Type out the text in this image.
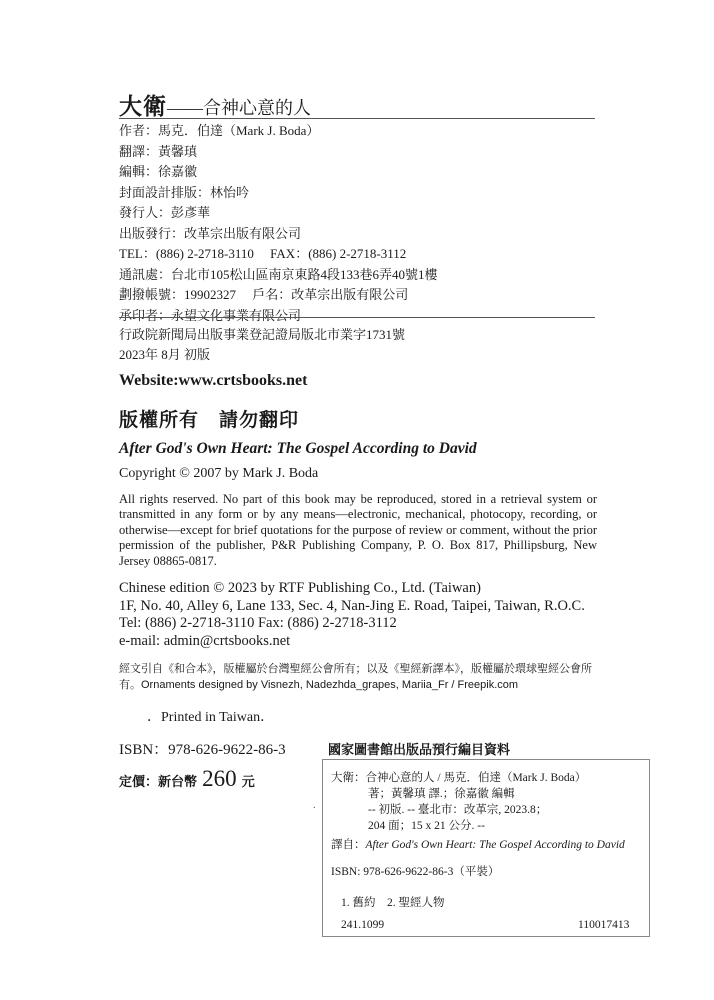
大衛——合神心意的人
作者：馬克．伯達（Mark J. Boda）
翻譯：黃馨瑱
編輯：徐嘉徽
封面設計排版：林怡吟
發行人：彭彥華
出版發行：改革宗出版有限公司
TEL：(886) 2-2718-3110　 FAX：(886) 2-2718-3112
通訊處：台北市105松山區南京東路4段133巷6弄40號1樓
劃撥帳號：19902327　 戶名：改革宗出版有限公司
承印者：永望文化事業有限公司
行政院新聞局出版事業登記證局版北市業字1731號
2023年 8月 初版
Website:www.crtsbooks.net
版權所有　請勿翻印
After God's Own Heart: The Gospel According to David
Copyright © 2007 by Mark J. Boda
All rights reserved. No part of this book may be reproduced, stored in a retrieval system or transmitted in any form or by any means—electronic, mechanical, photocopy, recording, or otherwise—except for brief quotations for the purpose of review or comment, without the prior permission of the publisher, P&R Publishing Company, P. O. Box 817, Phillipsburg, New Jersey 08865-0817.
Chinese edition © 2023 by RTF Publishing Co., Ltd. (Taiwan)
1F, No. 40, Alley 6, Lane 133, Sec. 4, Nan-Jing E. Road, Taipei, Taiwan, R.O.C.
Tel: (886) 2-2718-3110 Fax: (886) 2-2718-3112
e-mail: admin@crtsbooks.net
經文引自《和合本》，版權屬於台灣聖經公會所有；以及《聖經新譯本》，版權屬於環球聖經公會所有。Ornaments designed by Visnezh, Nadezhda_grapes, Mariia_Fr / Freepik.com
．Printed in Taiwan．
ISBN：978-626-9622-86-3	國家圖書館出版品預行編目資料
定價：新台幣 260 元
.
大衛：合神心意的人 / 馬克．伯達（Mark J. Boda）
著；黃馨瑱 譯.；徐嘉徽 編輯
-- 初版. -- 臺北市：改革宗, 2023.8；
204 面；15 x 21 公分. --
譯自：After God's Own Heart: The Gospel According to David
ISBN: 978-626-9622-86-3（平裝）
1. 舊約　2. 聖經人物
241.1099	110017413
